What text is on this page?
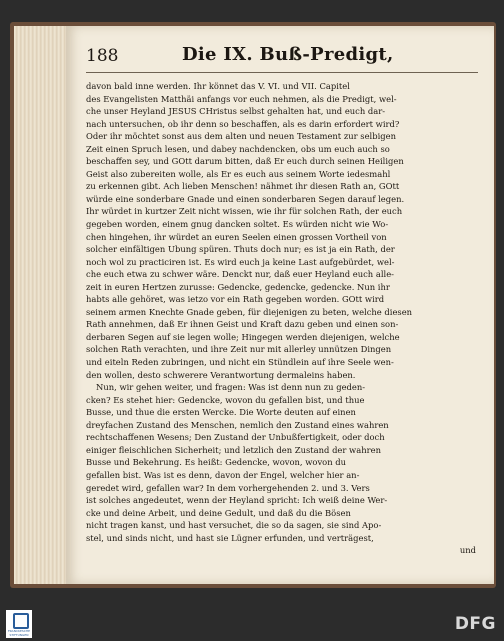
188	Die IX. Buß-Predigt,
davon bald inne werden. Ihr könnet das V. VI. und VII. Capitel
des Evangelisten Matthäi anfangs vor euch nehmen, als die Predigt, wel-
che unser Heyland JESUS CHristus selbst gehalten hat, und euch dar-
nach untersuchen, ob ihr denn so beschaffen, als es darin erfordert wird?
Oder ihr möchtet sonst aus dem alten und neuen Testament zur selbigen
Zeit einen Spruch lesen, und dabey nachdencken, obs um euch auch so
beschaffen sey, und GOtt darum bitten, daß Er euch durch seinen Heiligen
Geist also zubereiten wolle, als Er es euch aus seinem Worte iedesmahl
zu erkennen gibt. Ach lieben Menschen! nähmet ihr diesen Rath an, GOtt
würde eine sonderbare Gnade und einen sonderbaren Segen darauf legen.
Ihr würdet in kurtzer Zeit nicht wissen, wie ihr für solchen Rath, der euch
gegeben worden, einem gnug dancken soltet. Es würden nicht wie Wo-
chen hingehen, ihr würdet an euren Seelen einen grossen Vortheil von
solcher einfältigen Ubung spüren. Thuts doch nur; es ist ja ein Rath, der
noch wol zu practiciren ist. Es wird euch ja keine Last aufgebürdet, wel-
che euch etwa zu schwer wäre. Denckt nur, daß euer Heyland euch alle-
zeit in euren Hertzen zurusse: Gedencke, gedencke, gedencke. Nun ihr
habts alle gehöret, was ietzo vor ein Rath gegeben worden. GOtt wird
seinem armen Knechte Gnade geben, für diejenigen zu beten, welche diesen
Rath annehmen, daß Er ihnen Geist und Kraft dazu geben und einen son-
derbaren Segen auf sie legen wolle; Hingegen werden diejenigen, welche
solchen Rath verachten, und ihre Zeit nur mit allerley unnützen Dingen
und eiteln Reden zubringen, und nicht ein Stündlein auf ihre Seele wen-
den wollen, desto schwerere Verantwortung dermaleins haben.
Nun, wir gehen weiter, und fragen: Was ist denn nun zu geden-
cken? Es stehet hier: Gedencke, wovon du gefallen bist, und thue
Busse, und thue die ersten Wercke. Die Worte deuten auf einen
dreyfachen Zustand des Menschen, nemlich den Zustand eines wahren
rechtschaffenen Wesens; Den Zustand der Unbußfertigkeit, oder doch
einiger fleischlichen Sicherheit; und letzlich den Zustand der wahren
Busse und Bekehrung. Es heißt: Gedencke, wovon, wovon du
gefallen bist. Was ist es denn, davon der Engel, welcher hier an-
geredet wird, gefallen war? In dem vorhergehenden 2. und 3. Vers
ist solches angedeutet, wenn der Heyland spricht: Ich weiß deine Wer-
cke und deine Arbeit, und deine Gedult, und daß du die Bösen
nicht tragen kanst, und hast versuchet, die so da sagen, sie sind Apo-
stel, und sinds nicht, und hast sie Lügner erfunden, und verträgest,
und
FRANCKESCHE STIFTUNGEN
DFG
